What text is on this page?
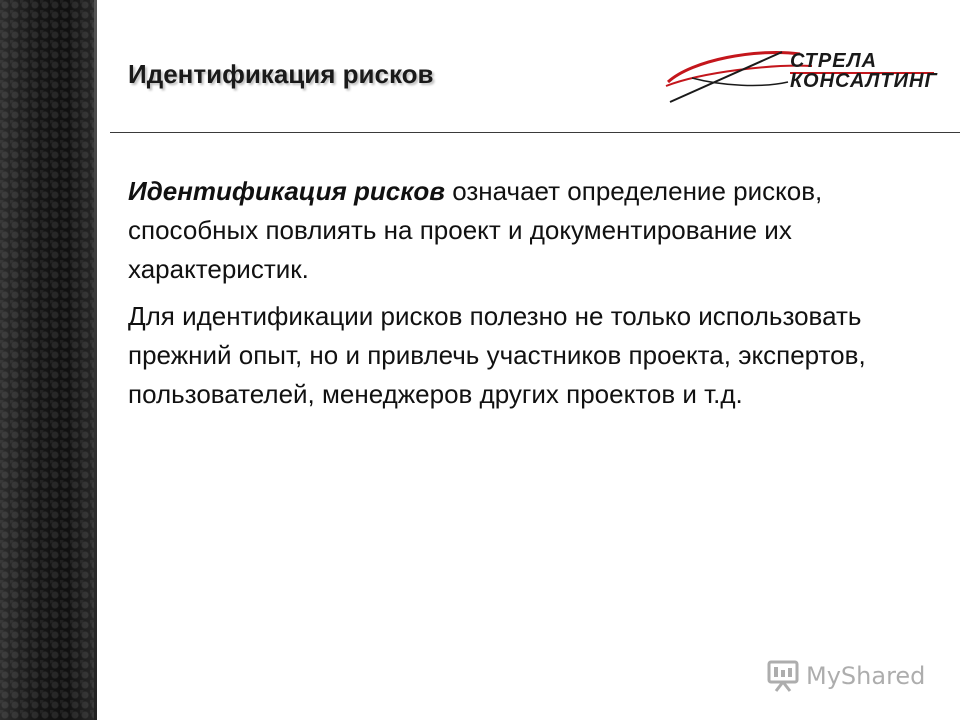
Идентификация рисков	СТРЕЛА
КОНСАЛТИНГ

Идентификация рисков означает определение рисков, способных повлиять на проект и документирование их характеристик.

Для идентификации рисков полезно не только использовать прежний опыт, но и привлечь участников проекта, экспертов, пользователей, менеджеров других проектов и т.д.

MyShared
